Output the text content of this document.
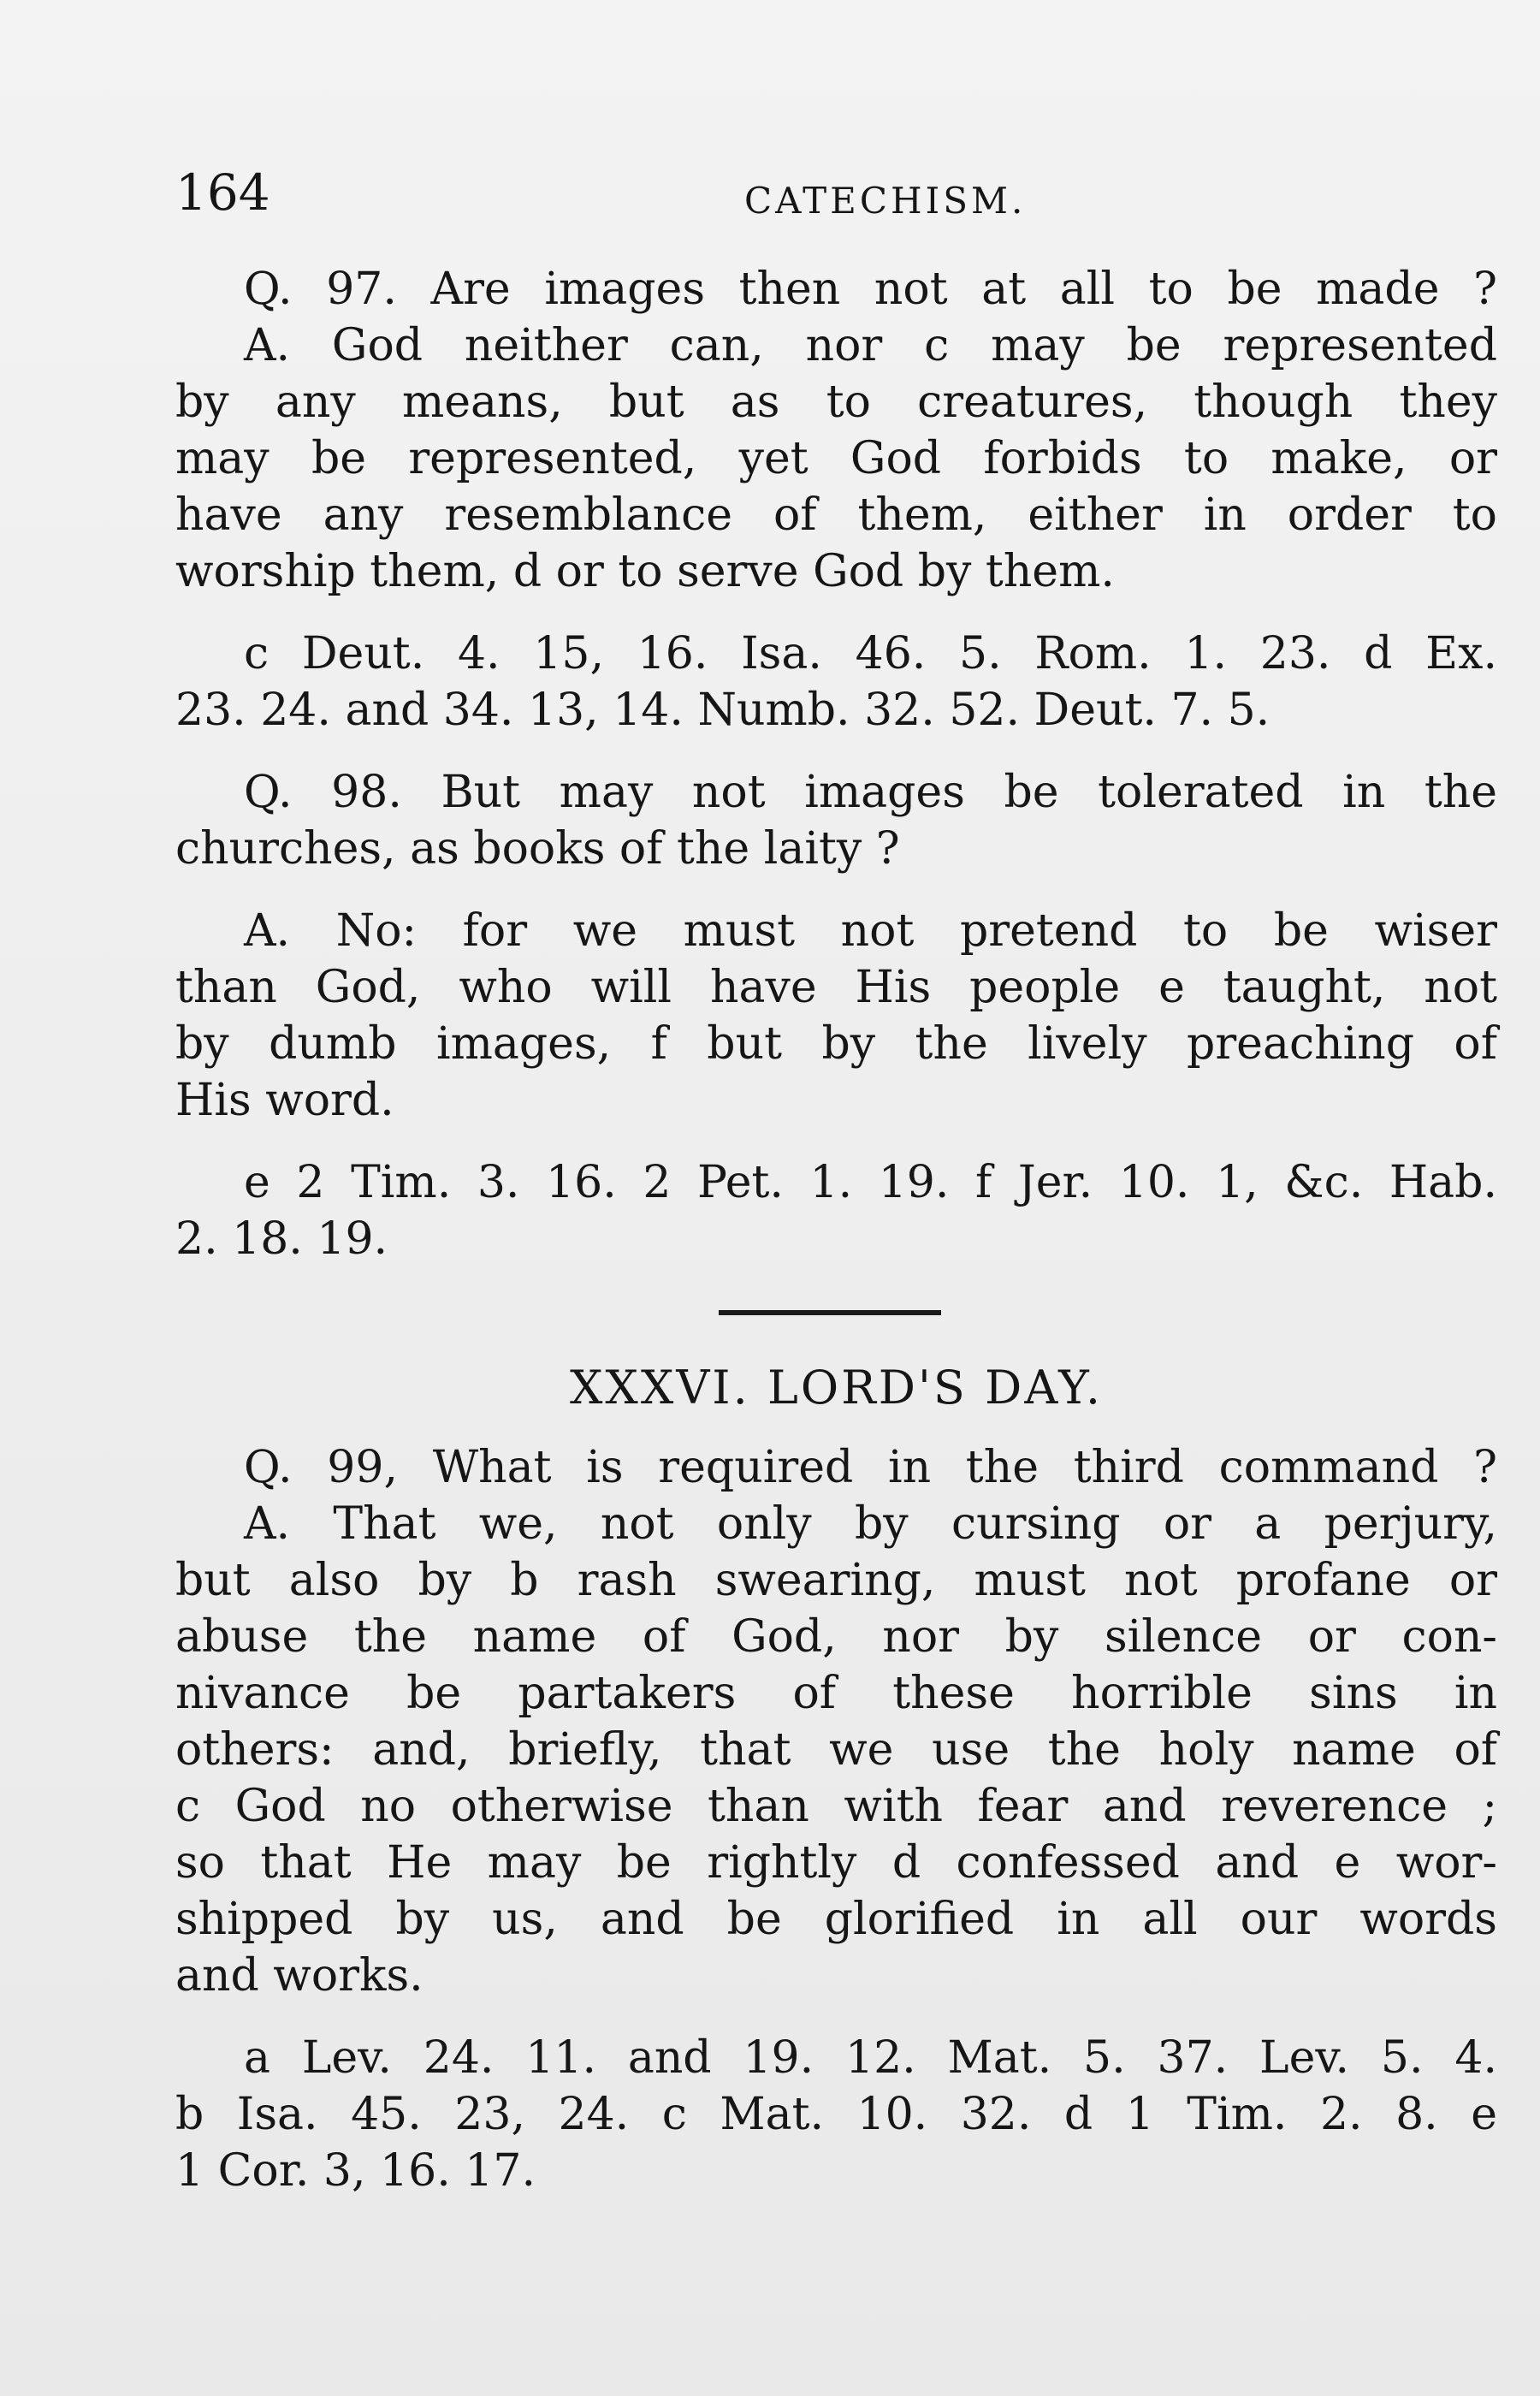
164	CATECHISM.

Q. 97. Are images then not at all to be made ?

A. God neither can, nor c may be represented

by any means, but as to creatures, though they

may be represented, yet God forbids to make, or

have any resemblance of them, either in order to

worship them, d or to serve God by them.

c Deut. 4. 15, 16. Isa. 46. 5. Rom. 1. 23. d Ex.

23. 24. and 34. 13, 14. Numb. 32. 52. Deut. 7. 5.

Q. 98. But may not images be tolerated in the

churches, as books of the laity ?

A. No: for we must not pretend to be wiser

than God, who will have His people e taught, not

by dumb images, f but by the lively preaching of

His word.

e 2 Tim. 3. 16. 2 Pet. 1. 19. f Jer. 10. 1, &c. Hab.

2. 18. 19.

XXXVI. LORD'S DAY.

Q. 99, What is required in the third command ?

A. That we, not only by cursing or a perjury,

but also by b rash swearing, must not profane or

abuse the name of God, nor by silence or con-

nivance be partakers of these horrible sins in

others: and, briefly, that we use the holy name of

c God no otherwise than with fear and reverence ;

so that He may be rightly d confessed and e wor-

shipped by us, and be glorified in all our words

and works.

a Lev. 24. 11. and 19. 12. Mat. 5. 37. Lev. 5. 4.

b Isa. 45. 23, 24. c Mat. 10. 32. d 1 Tim. 2. 8. e

1 Cor. 3, 16. 17.
